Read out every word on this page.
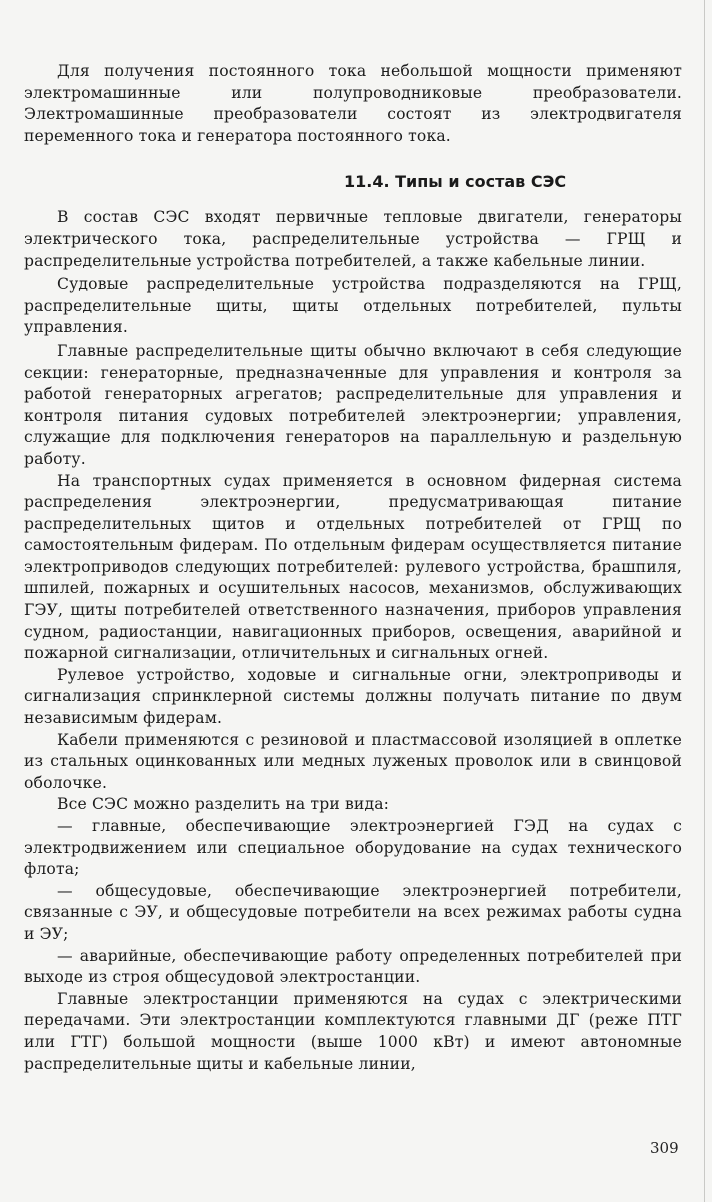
Для получения постоянного тока небольшой мощности применяют электромашинные или полупроводниковые преобразователи. Электромашинные преобразователи состоят из электродвигателя переменного тока и генератора постоянного тока.

11.4. Типы и состав СЭС

В состав СЭС входят первичные тепловые двигатели, генераторы электрического тока, распределительные устройства — ГРЩ и распределительные устройства потребителей, а также кабельные линии.

Судовые распределительные устройства подразделяются на ГРЩ, распределительные щиты, щиты отдельных потребителей, пульты управления.

Главные распределительные щиты обычно включают в себя следующие секции: генераторные, предназначенные для управления и контроля за работой генераторных агрегатов; распределительные для управления и контроля питания судовых потребителей электроэнергии; управления, служащие для подключения генераторов на параллельную и раздельную работу.

На транспортных судах применяется в основном фидерная система распределения электроэнергии, предусматривающая питание распределительных щитов и отдельных потребителей от ГРЩ по самостоятельным фидерам. По отдельным фидерам осуществляется питание электроприводов следующих потребителей: рулевого устройства, брашпиля, шпилей, пожарных и осушительных насосов, механизмов, обслуживающих ГЭУ, щиты потребителей ответственного назначения, приборов управления судном, радиостанции, навигационных приборов, освещения, аварийной и пожарной сигнализации, отличительных и сигнальных огней.

Рулевое устройство, ходовые и сигнальные огни, электроприводы и сигнализация спринклерной системы должны получать питание по двум независимым фидерам.

Кабели применяются с резиновой и пластмассовой изоляцией в оплетке из стальных оцинкованных или медных луженых проволок или в свинцовой оболочке.

Все СЭС можно разделить на три вида:

— главные, обеспечивающие электроэнергией ГЭД на судах с электродвижением или специальное оборудование на судах технического флота;

— общесудовые, обеспечивающие электроэнергией потребители, связанные с ЭУ, и общесудовые потребители на всех режимах работы судна и ЭУ;

— аварийные, обеспечивающие работу определенных потребителей при выходе из строя общесудовой электростанции.

Главные электростанции применяются на судах с электрическими передачами. Эти электростанции комплектуются главными ДГ (реже ПТГ или ГТГ) большой мощности (выше 1000 кВт) и имеют автономные распределительные щиты и кабельные линии,

309
